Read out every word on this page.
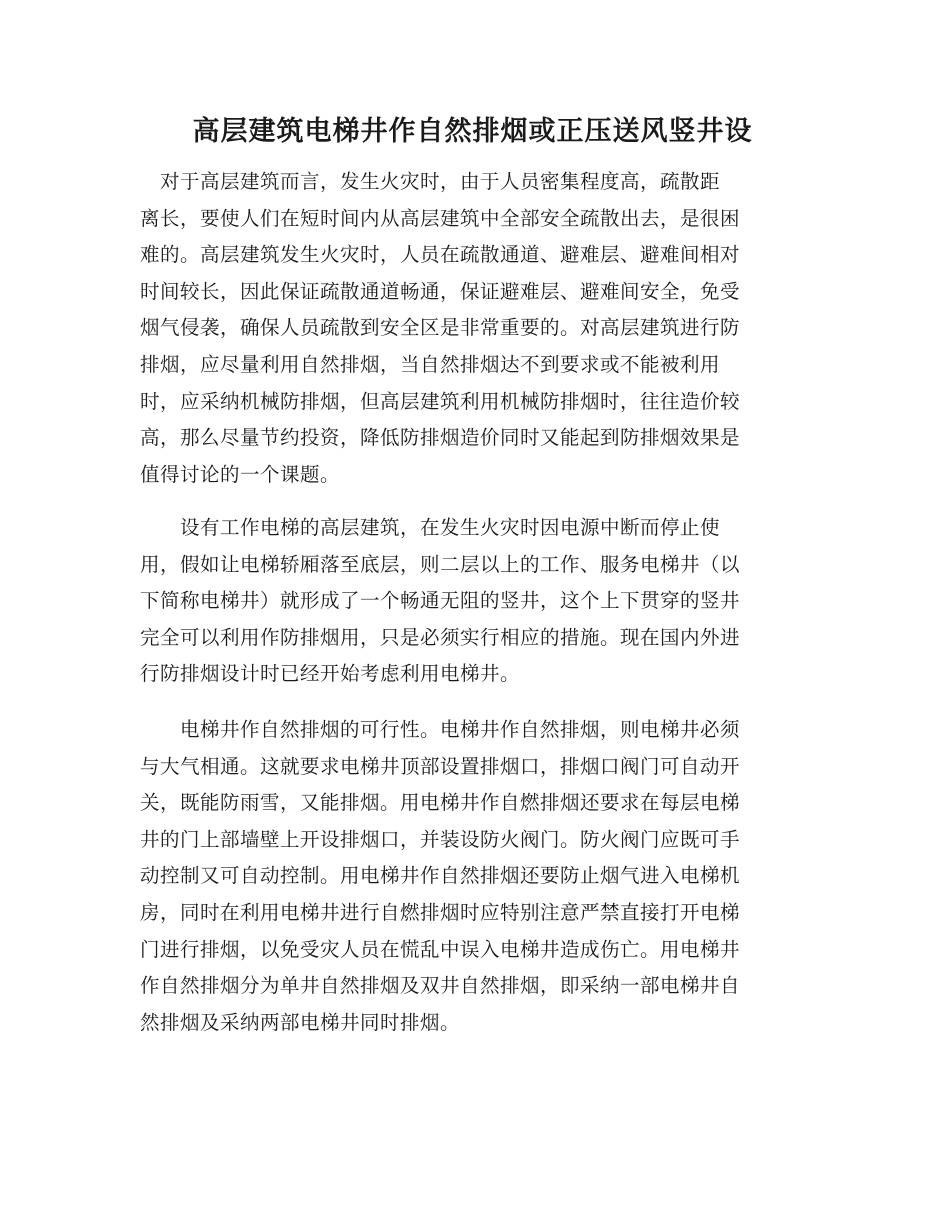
高层建筑电梯井作自然排烟或正压送风竖井设
　对于高层建筑而言，发生火灾时，由于人员密集程度高，疏散距
离长，要使人们在短时间内从高层建筑中全部安全疏散出去，是很困
难的。高层建筑发生火灾时，人员在疏散通道、避难层、避难间相对
时间较长，因此保证疏散通道畅通，保证避难层、避难间安全，免受
烟气侵袭，确保人员疏散到安全区是非常重要的。对高层建筑进行防
排烟，应尽量利用自然排烟，当自然排烟达不到要求或不能被利用
时，应采纳机械防排烟，但高层建筑利用机械防排烟时，往往造价较
高，那么尽量节约投资，降低防排烟造价同时又能起到防排烟效果是
值得讨论的一个课题。
　　设有工作电梯的高层建筑，在发生火灾时因电源中断而停止使
用，假如让电梯轿厢落至底层，则二层以上的工作、服务电梯井（以
下简称电梯井）就形成了一个畅通无阻的竖井，这个上下贯穿的竖井
完全可以利用作防排烟用，只是必须实行相应的措施。现在国内外进
行防排烟设计时已经开始考虑利用电梯井。
　　电梯井作自然排烟的可行性。电梯井作自然排烟，则电梯井必须
与大气相通。这就要求电梯井顶部设置排烟口，排烟口阀门可自动开
关，既能防雨雪，又能排烟。用电梯井作自燃排烟还要求在每层电梯
井的门上部墙壁上开设排烟口，并装设防火阀门。防火阀门应既可手
动控制又可自动控制。用电梯井作自然排烟还要防止烟气进入电梯机
房，同时在利用电梯井进行自燃排烟时应特别注意严禁直接打开电梯
门进行排烟，以免受灾人员在慌乱中误入电梯井造成伤亡。用电梯井
作自然排烟分为单井自然排烟及双井自然排烟，即采纳一部电梯井自
然排烟及采纳两部电梯井同时排烟。
